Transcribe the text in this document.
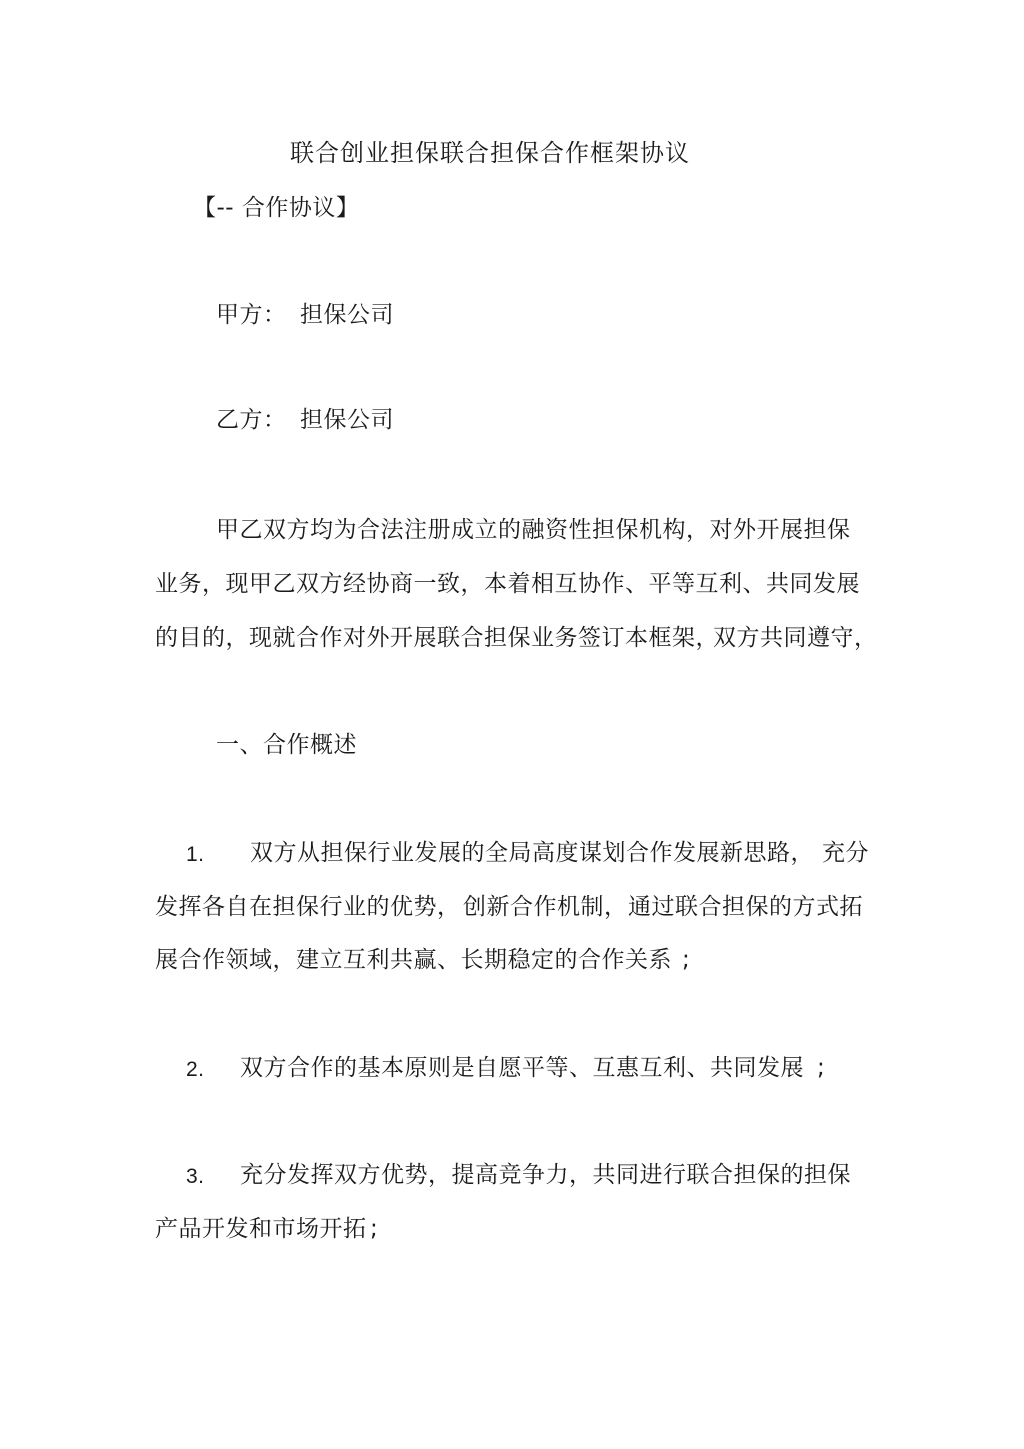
联合创业担保联合担保合作框架协议
【-- 合作协议】
甲方： 担保公司
乙方： 担保公司
甲乙双方均为合法注册成立的融资性担保机构，对外开展担保
业务，现甲乙双方经协商一致，本着相互协作、平等互利、共同发展
的目的，现就合作对外开展联合担保业务签订本框架，
双方共同遵守，
一、合作概述
1. 双方从担保行业发展的全局高度谋划合作发展新思路， 充分
发挥各自在担保行业的优势， 创新合作机制， 通过联合担保的方式拓
展合作领域，建立互利共赢、长期稳定的合作关系 ;
2. 双方合作的基本原则是自愿平等、互惠互利、共同发展 ;
3. 充分发挥双方优势，提高竞争力，共同进行联合担保的担保
产品开发和市场开拓 ;
